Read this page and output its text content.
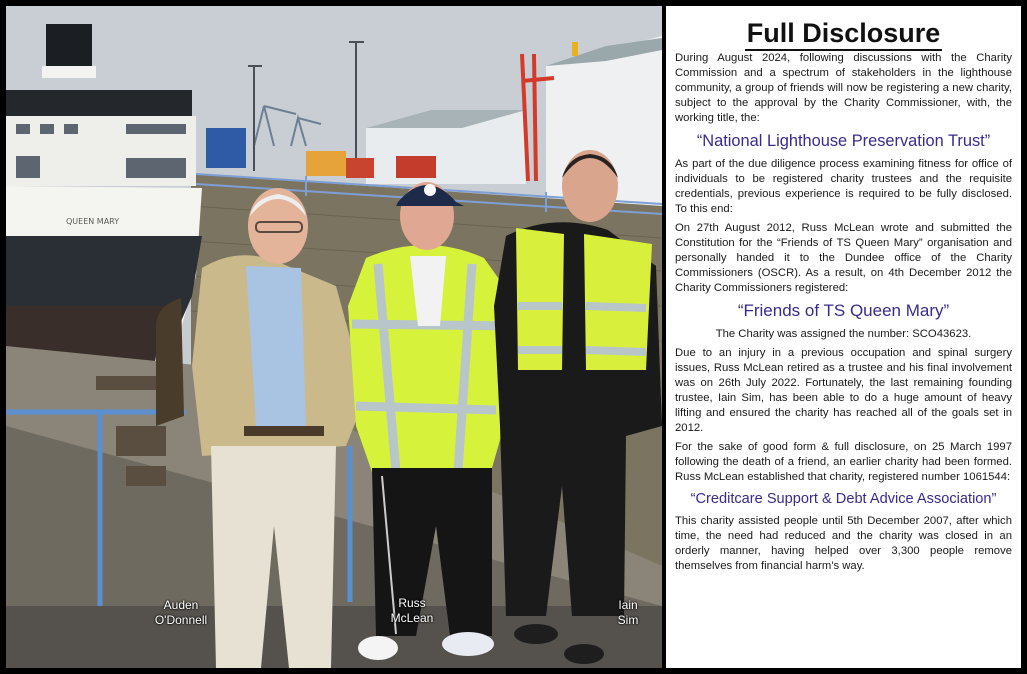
QUEEN MARY
Auden
O'Donnell
Russ
McLean
Iain
Sim
Full Disclosure

During August 2024, following discussions with the Charity Commission and a spectrum of stakeholders in the lighthouse community, a group of friends will now be registering a new charity, subject to the approval by the Charity Commissioner, with, the working title, the:

“National Lighthouse Preservation Trust”

As part of the due diligence process examining fitness for office of individuals to be registered charity trustees and the requisite credentials, previous experience is required to be fully disclosed. To this end:

On 27th August 2012, Russ McLean wrote and submitted the Constitution for the “Friends of TS Queen Mary” organisation and personally handed it to the Dundee office of the Charity Commissioners (OSCR). As a result, on 4th December 2012 the Charity Commissioners registered:

“Friends of TS Queen Mary”

The Charity was assigned the number: SCO43623.

Due to an injury in a previous occupation and spinal surgery issues, Russ McLean retired as a trustee and his final involvement was on 26th July 2022. Fortunately, the last remaining founding trustee, Iain Sim, has been able to do a huge amount of heavy lifting and ensured the charity has reached all of the goals set in 2012.

For the sake of good form & full disclosure, on 25 March 1997 following the death of a friend, an earlier charity had been formed. Russ McLean established that charity, registered number 1061544:

“Creditcare Support & Debt Advice Association”

This charity assisted people until 5th December 2007, after which time, the need had reduced and the charity was closed in an orderly manner, having helped over 3,300 people remove themselves from financial harm's way.
